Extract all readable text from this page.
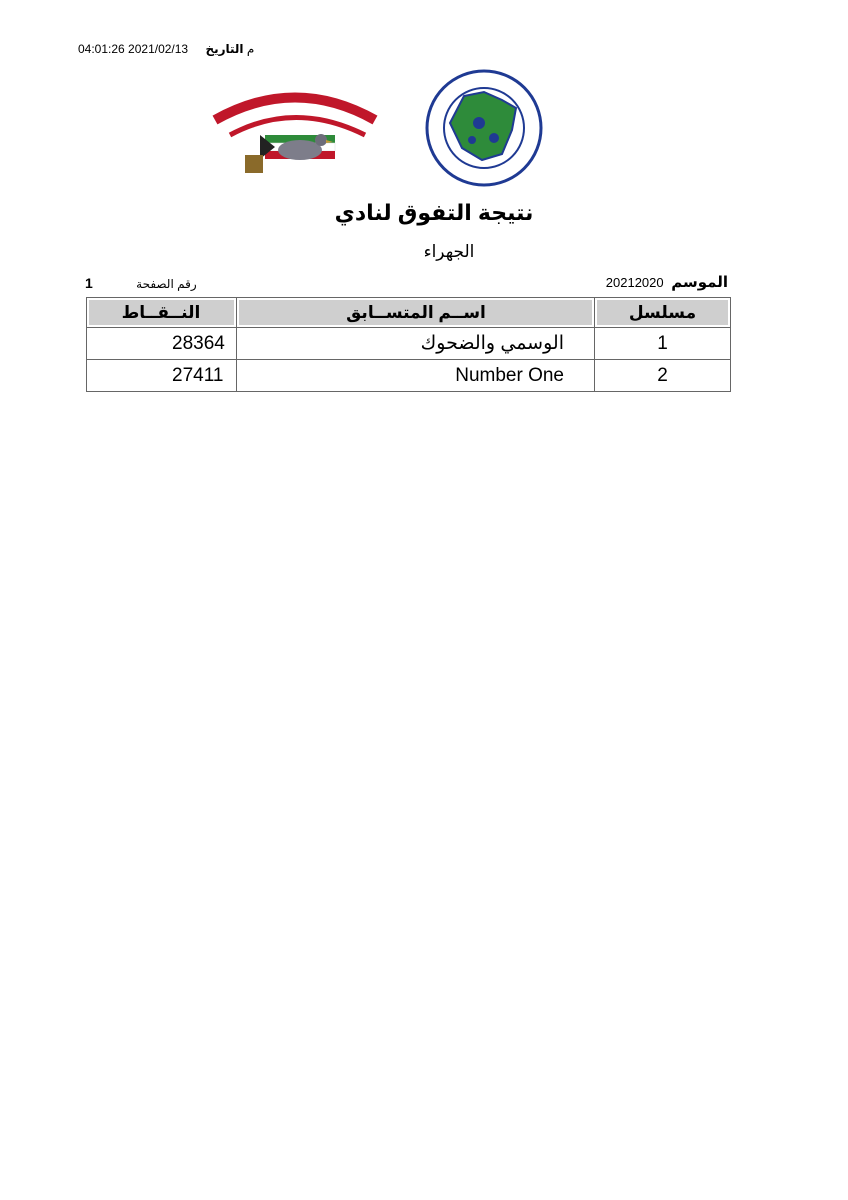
04:01:26 2021/02/13 م التاريخ
نتيجة التفوق لنادي
الجهراء
الموسم 20212020
رقم الصفحة 1
مسلسل	اســم المتســابق	النــقــاط
1	الوسمي والضحوك	28364
2	Number One	27411
